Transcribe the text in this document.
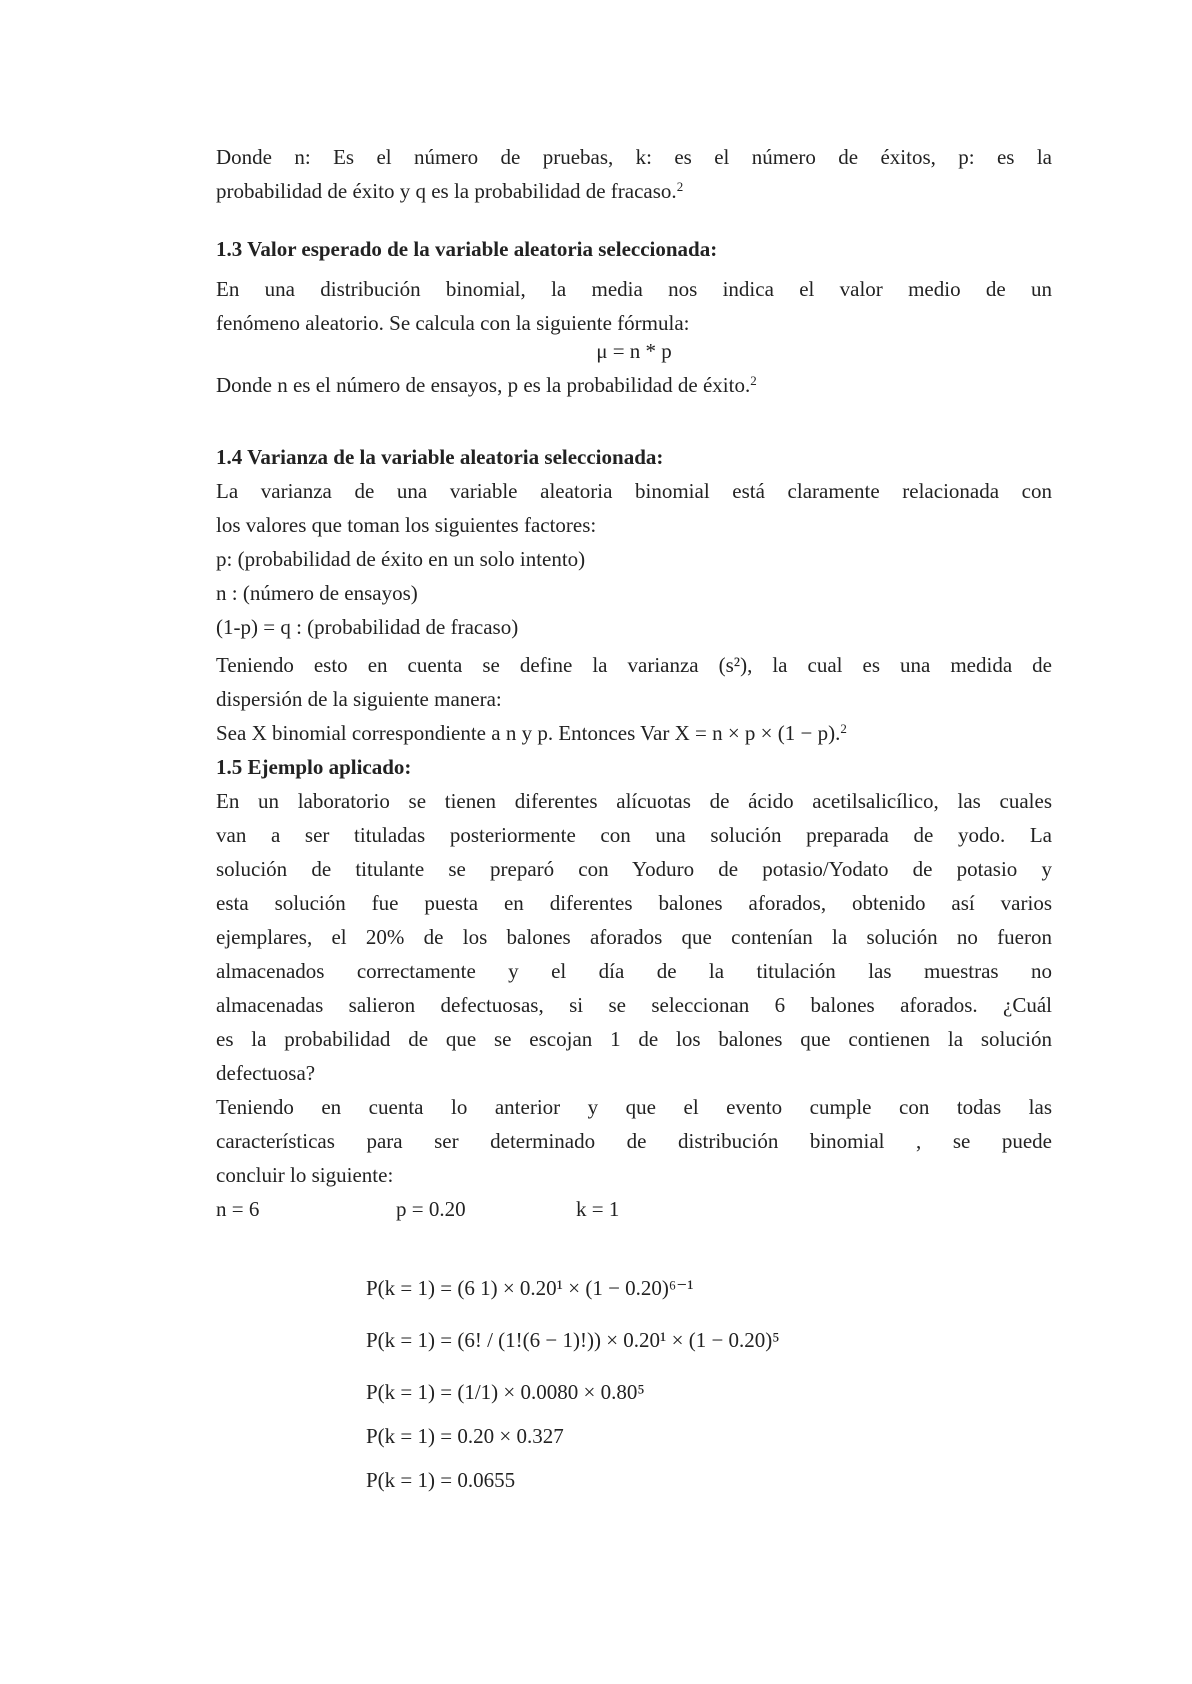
Donde n: Es el número de pruebas, k: es el número de éxitos, p: es la

probabilidad de éxito y q es la probabilidad de fracaso.$^2$

1.3 Valor esperado de la variable aleatoria seleccionada:

En una distribución binomial, la media nos indica el valor medio de un

fenómeno aleatorio. Se calcula con la siguiente fórmula:

μ = n * p

Donde n es el número de ensayos, p es la probabilidad de éxito.$^2$

1.4 Varianza de la variable aleatoria seleccionada:

La varianza de una variable aleatoria binomial está claramente relacionada con

los valores que toman los siguientes factores:

p: (probabilidad de éxito en un solo intento)

n : (número de ensayos)

(1-p) = q : (probabilidad de fracaso)

Teniendo esto en cuenta se define la varianza (s²), la cual es una medida de

dispersión de la siguiente manera:

Sea X binomial correspondiente a n y p. Entonces Var X = n × p × (1 − p).$^2$

1.5 Ejemplo aplicado:

En un laboratorio se tienen diferentes alícuotas de ácido acetilsalicílico, las cuales

van a ser tituladas posteriormente con una solución preparada de yodo. La

solución de titulante se preparó con Yoduro de potasio/Yodato de potasio y

esta solución fue puesta en diferentes balones aforados, obtenido así varios

ejemplares, el 20% de los balones aforados que contenían la solución no fueron

almacenados correctamente y el día de la titulación las muestras no

almacenadas salieron defectuosas, si se seleccionan 6 balones aforados. ¿Cuál

es la probabilidad de que se escojan 1 de los balones que contienen la solución

defectuosa?

Teniendo en cuenta lo anterior y que el evento cumple con todas las

características para ser determinado de distribución binomial , se puede

concluir lo siguiente:

n = 6	p = 0.20	k = 1

P(k = 1) = (6 1) × 0.20¹ × (1 − 0.20)⁶⁻¹

P(k = 1) = (6! / (1!(6 − 1)!)) × 0.20¹ × (1 − 0.20)⁵

P(k = 1) = (1/1) × 0.0080 × 0.80⁵

P(k = 1) = 0.20 × 0.327

P(k = 1) = 0.0655
